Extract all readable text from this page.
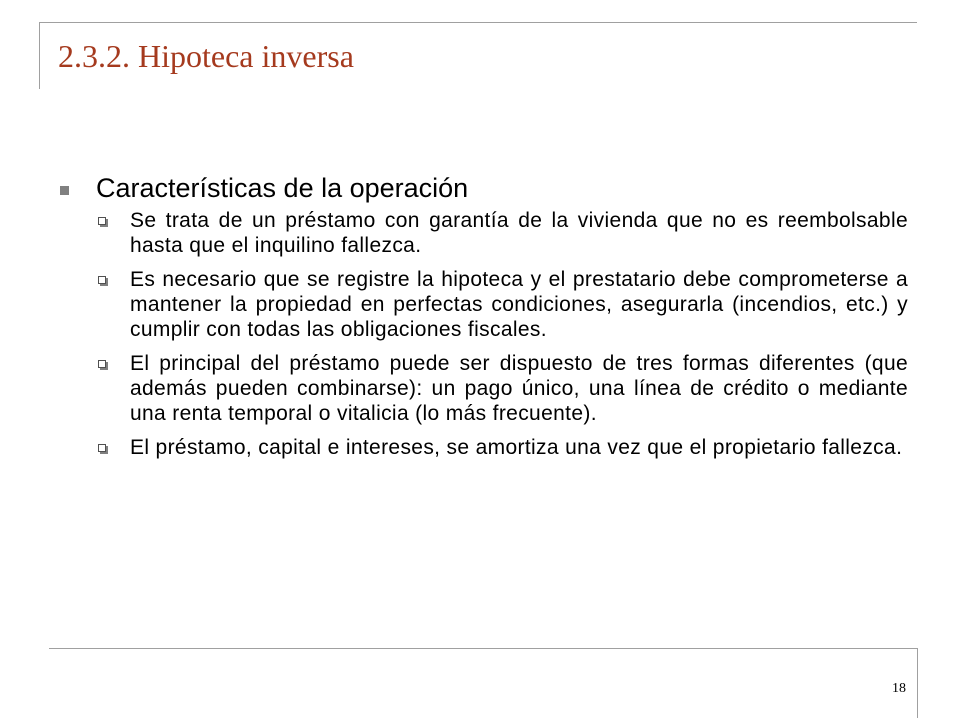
2.3.2. Hipoteca inversa
Características de la operación
Se trata de un préstamo con garantía de la vivienda que no es reembolsable hasta que el inquilino fallezca.
Es necesario que se registre la hipoteca y el prestatario debe comprometerse a mantener la propiedad en perfectas condiciones, asegurarla (incendios, etc.) y cumplir con todas las obligaciones fiscales.
El principal del préstamo puede ser dispuesto de tres formas diferentes (que además pueden combinarse): un pago único, una línea de crédito o mediante una renta temporal o vitalicia (lo más frecuente).
El préstamo, capital e intereses, se amortiza una vez que el propietario fallezca.
18
